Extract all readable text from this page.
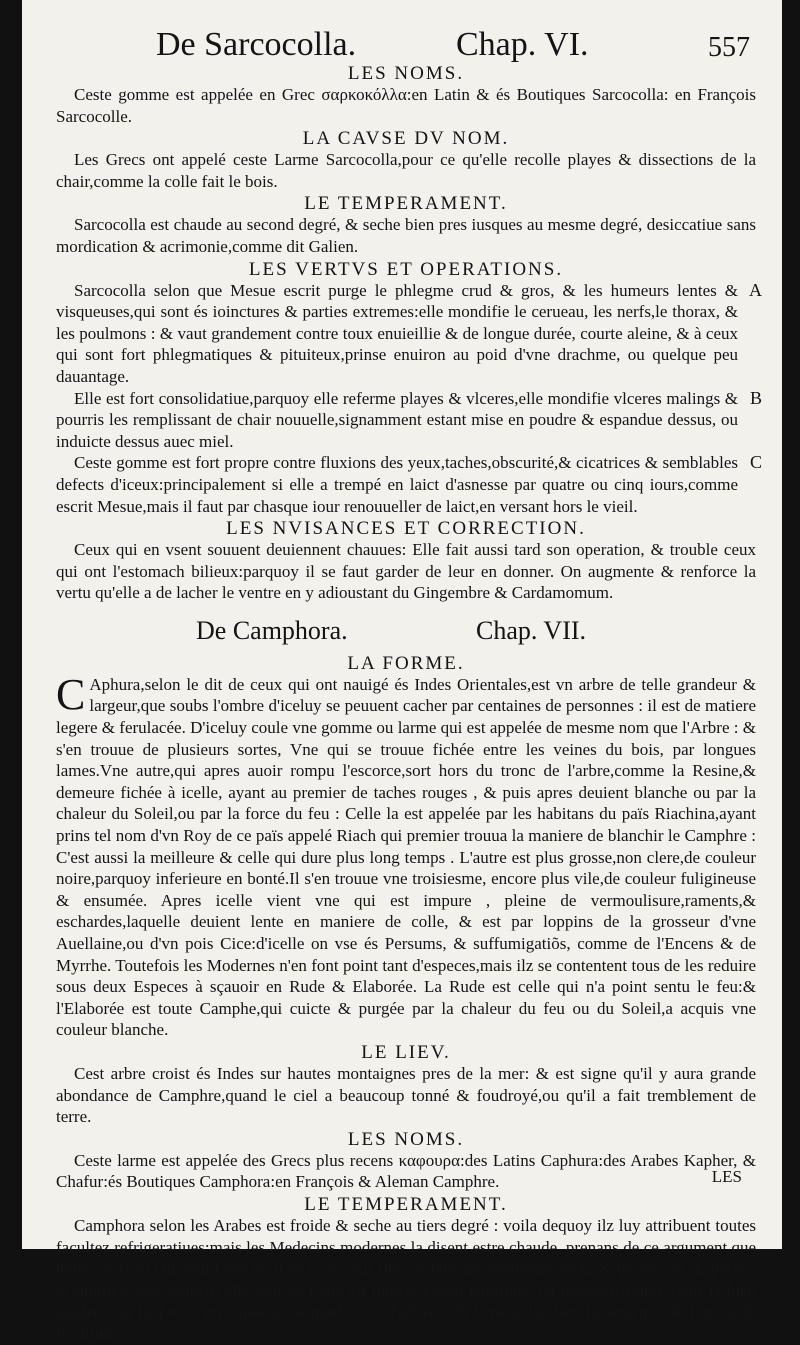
De Sarcocolla.	Chap. VI.	557
LES NOMS.

Ceste gomme est appelée en Grec σαρκοκόλλα:en Latin & és Boutiques Sarcocolla: en François Sarcocolle.

LA CAVSE DV NOM.

Les Grecs ont appelé ceste Larme Sarcocolla,pour ce qu'elle recolle playes & dissections de la chair,comme la colle fait le bois.

LE TEMPERAMENT.

Sarcocolla est chaude au second degré, & seche bien pres iusques au mesme degré, desiccatiue sans mordication & acrimonie,comme dit Galien.

LES VERTVS ET OPERATIONS.
A

Sarcocolla selon que Mesue escrit purge le phlegme crud & gros, & les humeurs lentes & visqueuses,qui sont és ioinctures & parties extremes:elle mondifie le cerueau, les nerfs,le thorax, & les poulmons : & vaut grandement contre toux enuieillie & de longue durée, courte aleine, & à ceux qui sont fort phlegmatiques & pituiteux,prinse enuiron au poid d'vne drachme, ou quelque peu dauantage.

B

Elle est fort consolidatiue,parquoy elle referme playes & vlceres,elle mondifie vlceres malings & pourris les remplissant de chair nouuelle,signamment estant mise en poudre & espandue dessus, ou induicte dessus auec miel.

C

Ceste gomme est fort propre contre fluxions des yeux,taches,obscurité,& cicatrices & semblables defects d'iceux:principalement si elle a trempé en laict d'asnesse par quatre ou cinq iours,comme escrit Mesue,mais il faut par chasque iour renouueller de laict,en versant hors le vieil.

LES NVISANCES ET CORRECTION.

Ceux qui en vsent souuent deuiennent chauues: Elle fait aussi tard son operation, & trouble ceux qui ont l'estomach bilieux:parquoy il se faut garder de leur en donner. On augmente & renforce la vertu qu'elle a de lacher le ventre en y adioustant du Gingembre & Cardamomum.

De Camphora.	Chap. VII.
LA FORME.

C Aphura,selon le dit de ceux qui ont nauigé és Indes Orientales,est vn arbre de telle grandeur & largeur,que soubs l'ombre d'iceluy se peuuent cacher par centaines de personnes : il est de matiere legere & ferulacée. D'iceluy coule vne gomme ou larme qui est appelée de mesme nom que l'Arbre : & s'en trouue de plusieurs sortes, Vne qui se trouue fichée entre les veines du bois, par longues lames.Vne autre,qui apres auoir rompu l'escorce,sort hors du tronc de l'arbre,comme la Resine,& demeure fichée à icelle, ayant au premier de taches rouges , & puis apres deuient blanche ou par la chaleur du Soleil,ou par la force du feu : Celle la est appelée par les habitans du païs Riachina,ayant prins tel nom d'vn Roy de ce païs appelé Riach qui premier trouua la maniere de blanchir le Camphre : C'est aussi la meilleure & celle qui dure plus long temps . L'autre est plus grosse,non clere,de couleur noire,parquoy inferieure en bonté.Il s'en trouue vne troisiesme, encore plus vile,de couleur fuligineuse & ensumée. Apres icelle vient vne qui est impure , pleine de vermoulisure,raments,& eschardes,laquelle deuient lente en maniere de colle, & est par loppins de la grosseur d'vne Auellaine,ou d'vn pois Cice:d'icelle on vse és Persums, & suffumigatiõs, comme de l'Encens & de Myrrhe. Toutefois les Modernes n'en font point tant d'especes,mais ilz se contentent tous de les reduire sous deux Especes à sçauoir en Rude & Elaborée. La Rude est celle qui n'a point sentu le feu:& l'Elaborée est toute Camphe,qui cuicte & purgée par la chaleur du feu ou du Soleil,a acquis vne couleur blanche.

LE LIEV.

Cest arbre croist és Indes sur hautes montaignes pres de la mer: & est signe qu'il y aura grande abondance de Camphre,quand le ciel a beaucoup tonné & foudroyé,ou qu'il a fait tremblement de terre.

LES NOMS.

Ceste larme est appelée des Grecs plus recens καφουρα:des Latins Caphura:des Arabes Kapher, & Chafur:és Boutiques Camphora:en François & Aleman Camphre.

LE TEMPERAMENT.

Camphora selon les Arabes est froide & seche au tiers degré : voila dequoy ilz luy attribuent toutes facultez refrigeratiues:mais les Medecins modernes la disent estre chaude, prenans de ce argument,que iettée en l'eau elle ardra tant qu'il ne reste plus rien en laissant tresbonne odeur,& qu'elle est de parties si subtiles, que souuent elle s'en va toute en fumée, estant enfermée en boytes:parquoy pour la bien garder il la faut tenir en vaisseau de marbre ou d'albastre & l'enseuelir dans la semence de Lin ou de Psyllium.

LES
